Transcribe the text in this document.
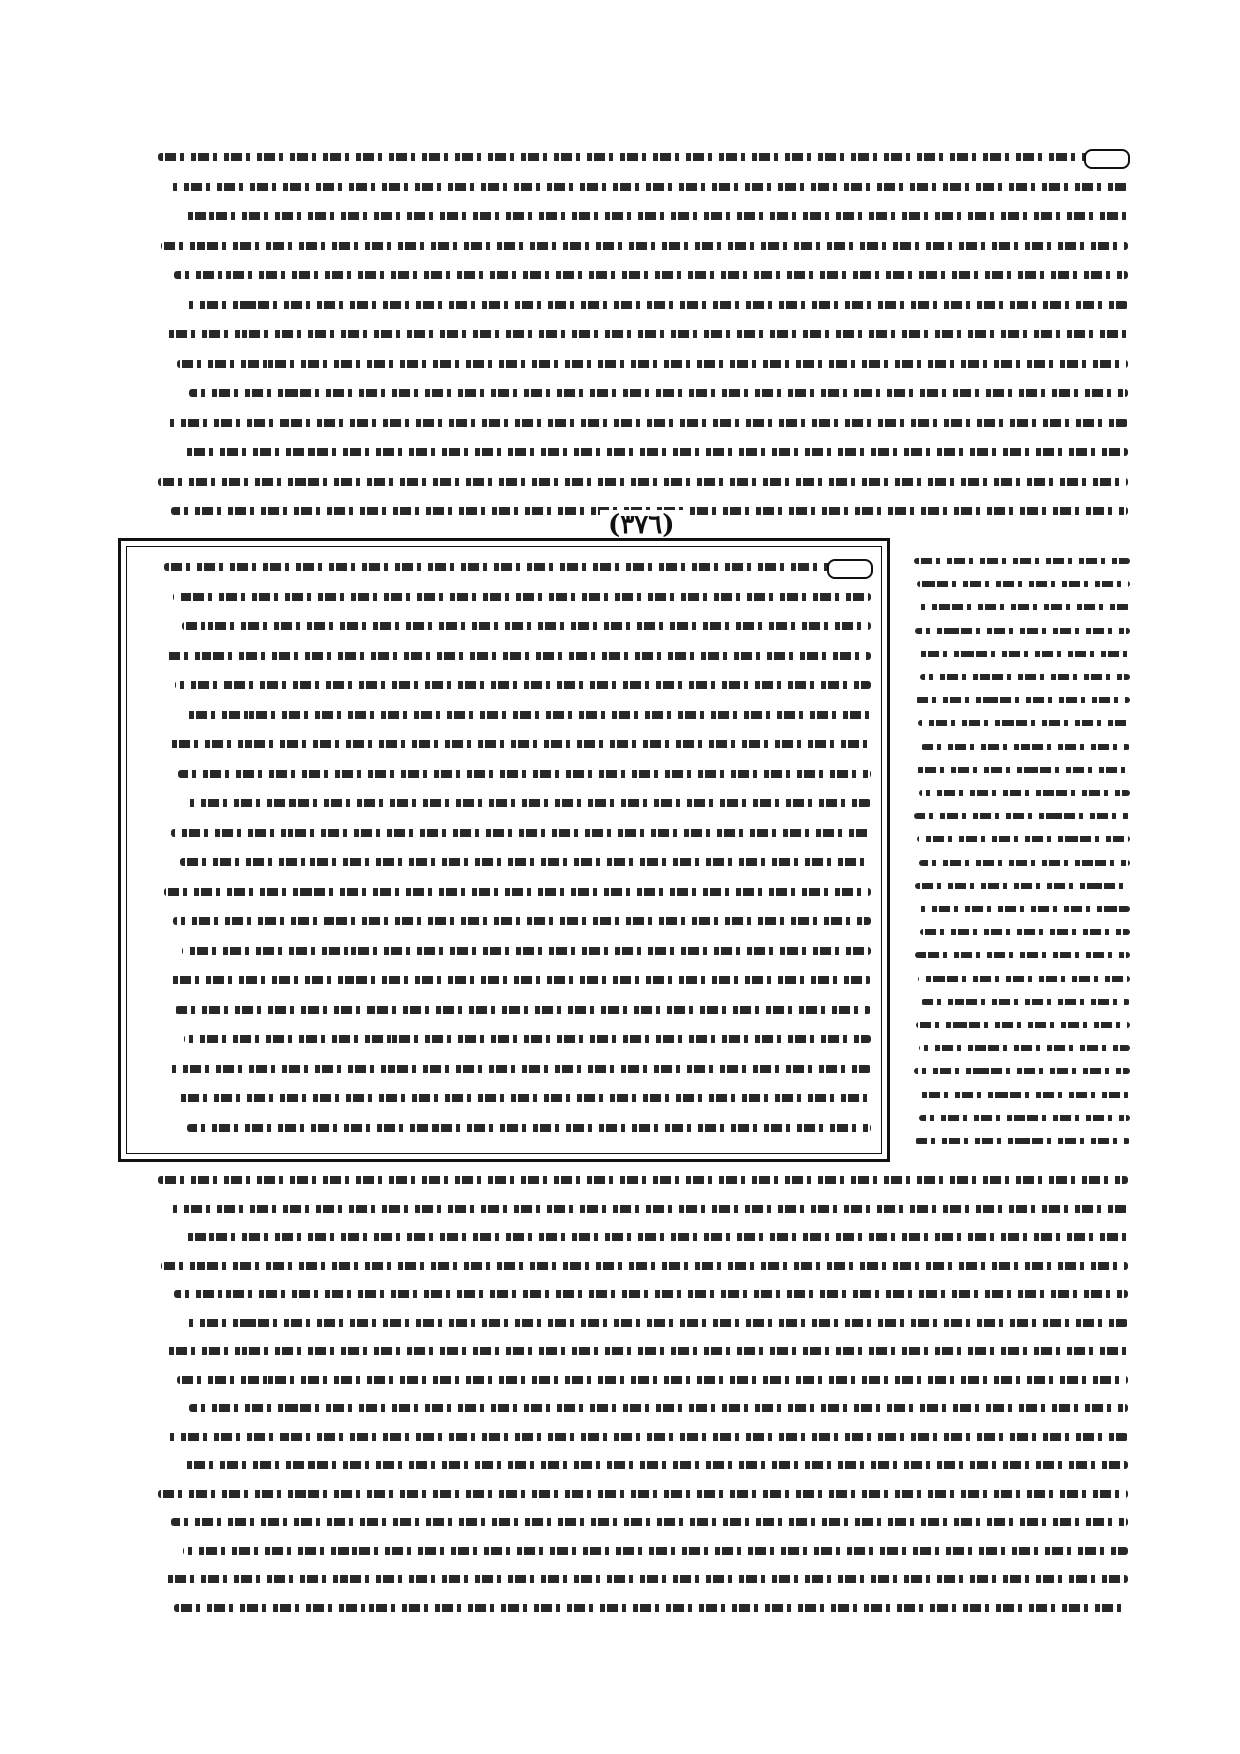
(٣٧٦)
